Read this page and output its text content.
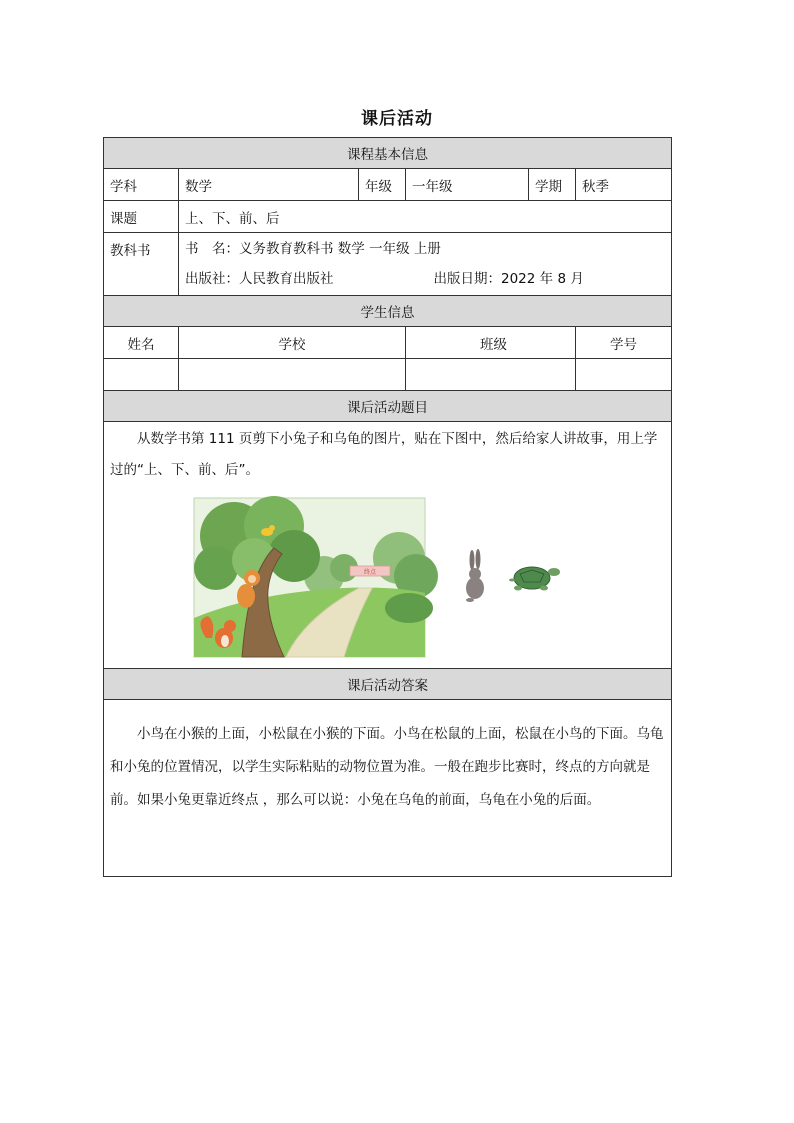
课后活动
课程基本信息					
学科	数学	年级	一年级	学期	秋季
课题	上、下、前、后				
教科书	书　名：义务教育教科书 数学 一年级 上册
出版社：人民教育出版社 出版日期：2022 年 8 月				

学生信息					
姓名	学校		班级		学号

课后活动题目					

从数学书第 111 页剪下小兔子和乌龟的图片，贴在下图中，然后给家人讲故事，用上学过的“上、下、前、后”。
终点					

课后活动答案					

小鸟在小猴的上面，小松鼠在小猴的下面。小鸟在松鼠的上面，松鼠在小鸟的下面。乌龟和小兔的位置情况，以学生实际粘贴的动物位置为准。一般在跑步比赛时，终点的方向就是前。如果小兔更靠近终点 ，那么可以说：小兔在乌龟的前面，乌龟在小兔的后面。					
